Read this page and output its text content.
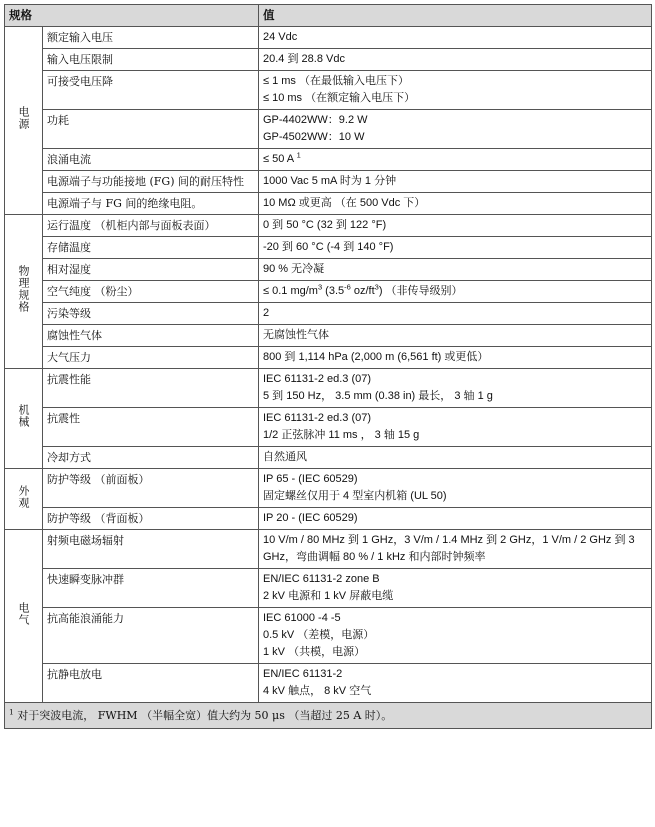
规格		值
电源	额定输入电压	24 Vdc

	输入电压限制	20.4 到 28.8 Vdc

	可接受电压降	≤ 1 ms （在最低输入电压下）
≤ 10 ms （在额定输入电压下）

	功耗	GP-4402WW：9.2 W
GP-4502WW：10 W

	浪涌电流	≤ 50 A $^1$

	电源端子与功能接地 (FG) 间的耐压特性	1000 Vac 5 mA 时为 1 分钟

	电源端子与 FG 间的绝缘电阻。	10 MΩ 或更高 （在 500 Vdc 下）

物理规格	运行温度 （机柜内部与面板表面）	0 到 50 °C (32 到 122 °F)

	存储温度	-20 到 60 °C (-4 到 140 °F)

	相对湿度	90 % 无冷凝

	空气纯度 （粉尘）	≤ 0.1 $mg/m^3$ ($3.5^{-6}$ $oz/ft^3$) （非传导级别）

	污染等级	2

	腐蚀性气体	无腐蚀性气体

	大气压力	800 到 1,114 hPa (2,000 m (6,561 ft) 或更低）

机械	抗震性能	IEC 61131-2 ed.3 (07)
5 到 150 Hz， 3.5 mm (0.38 in) 最长， 3 轴 1 g

	抗震性	IEC 61131-2 ed.3 (07)
1/2 正弦脉冲 11 ms ， 3 轴 15 g

	冷却方式	自然通风

外观	防护等级 （前面板）	IP 65 - (IEC 60529)
固定螺丝仅用于 4 型室内机箱 (UL 50)

	防护等级 （背面板）	IP 20 - (IEC 60529)

电气	射频电磁场辐射	10 V/m / 80 MHz 到 1 GHz，3 V/m / 1.4 MHz 到 2 GHz，1 V/m / 2 GHz 到 3 GHz，弯曲调幅 80 % / 1 kHz 和内部时钟频率

	快速瞬变脉冲群	EN/IEC 61131-2 zone B
2 kV 电源和 1 kV 屏蔽电缆

	抗高能浪涌能力	IEC 61000 -4 -5
0.5 kV （差模，电源）
1 kV （共模，电源）

	抗静电放电	EN/IEC 61131-2
4 kV 触点， 8 kV 空气

$^1$ 对于突波电流， FWHM （半幅全宽）值大约为 50 μs （当超过 25 A 时）。		
